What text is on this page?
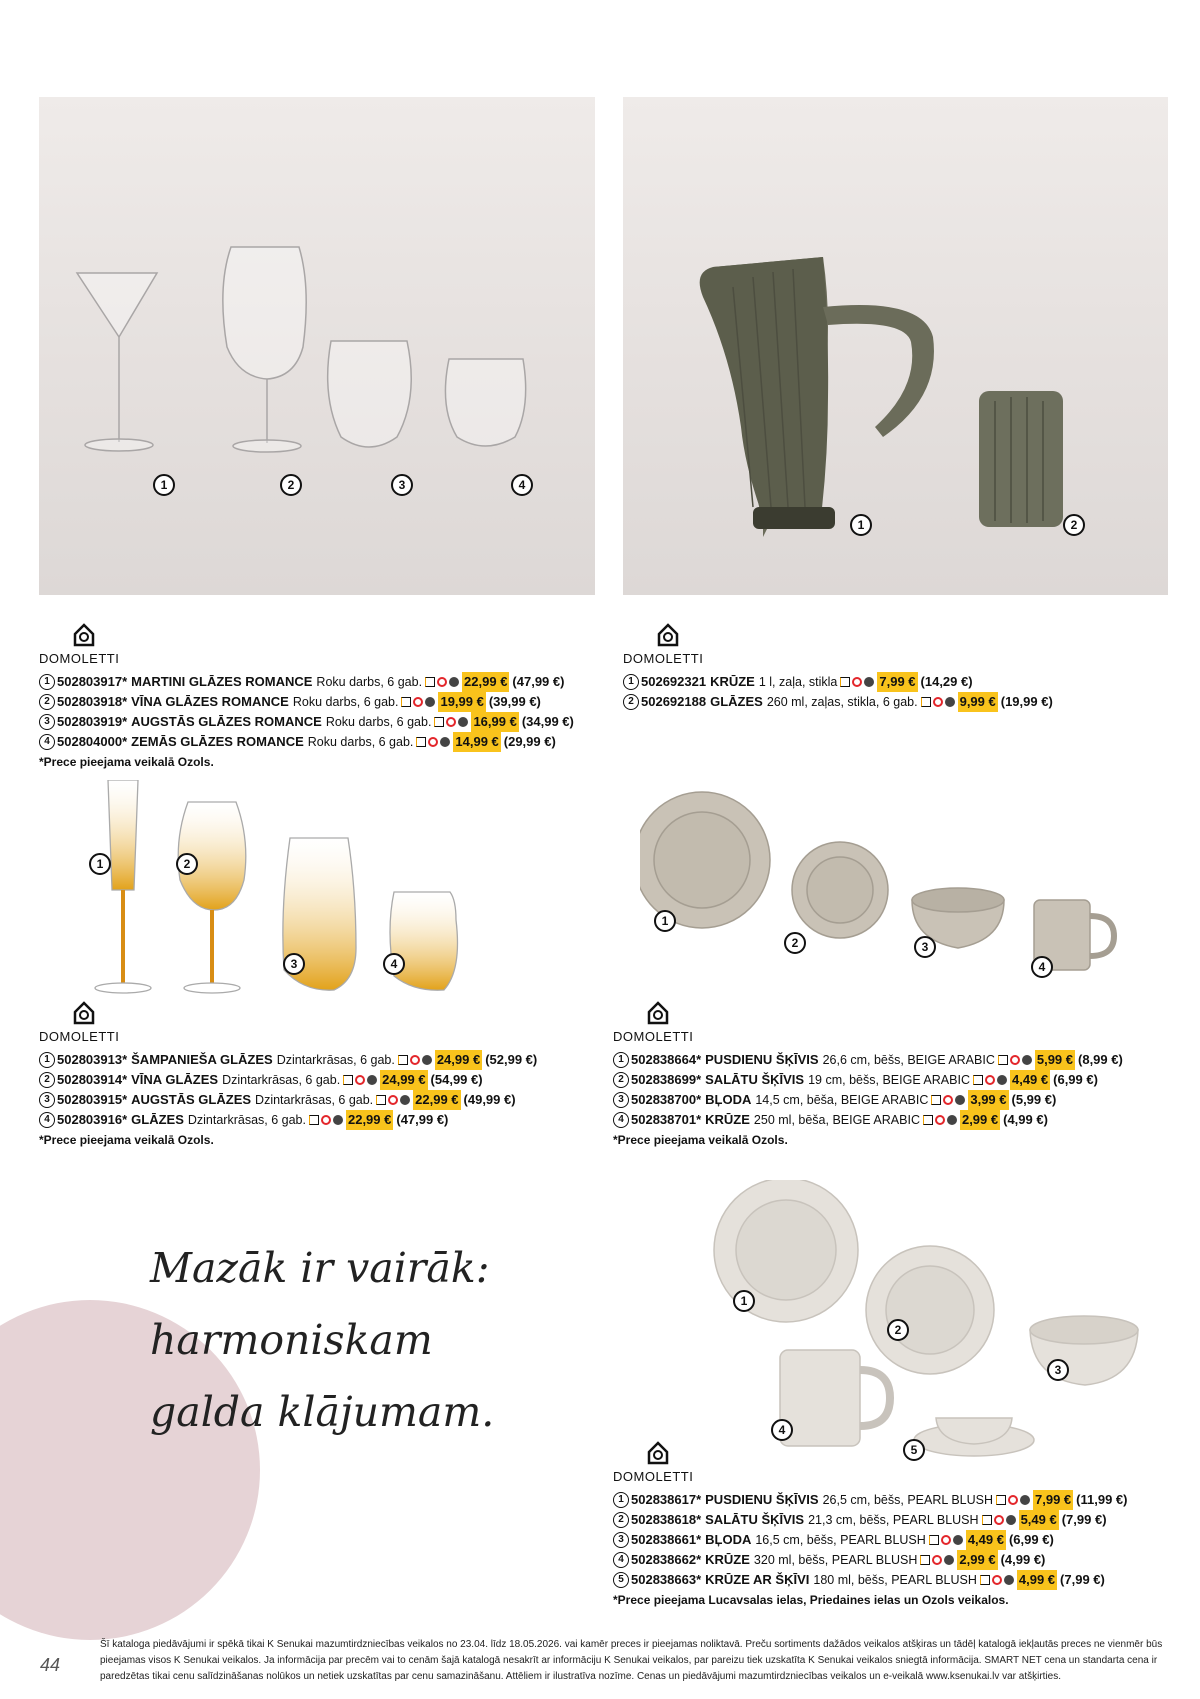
1	2	3	4
1	2
DOMOLETTI
1 502803917* MARTINI GLĀZES ROMANCE Roku darbs, 6 gab.	22,99 € (47,99 €)
2 502803918* VĪNA GLĀZES ROMANCE Roku darbs, 6 gab.	19,99 € (39,99 €)
3 502803919* AUGSTĀS GLĀZES ROMANCE Roku darbs, 6 gab.	16,99 € (34,99 €)
4 502804000* ZEMĀS GLĀZES ROMANCE Roku darbs, 6 gab.	14,99 € (29,99 €)
*Prece pieejama veikalā Ozols.
DOMOLETTI
1 502692321 KRŪZE 1 l, zaļa, stikla	7,99 € (14,29 €)
2 502692188 GLĀZES 260 ml, zaļas, stikla, 6 gab.	9,99 € (19,99 €)
1	2
3	4
DOMOLETTI
1 502803913* ŠAMPANIEŠA GLĀZES Dzintarkrāsas, 6 gab.	24,99 € (52,99 €)
2 502803914* VĪNA GLĀZES Dzintarkrāsas, 6 gab.	24,99 € (54,99 €)
3 502803915* AUGSTĀS GLĀZES Dzintarkrāsas, 6 gab.	22,99 € (49,99 €)
4 502803916* GLĀZES Dzintarkrāsas, 6 gab.	22,99 € (47,99 €)
*Prece pieejama veikalā Ozols.
1
2	3
4
DOMOLETTI
1 502838664* PUSDIENU ŠĶĪVIS 26,6 cm, bēšs, BEIGE ARABIC	5,99 € (8,99 €)
2 502838699* SALĀTU ŠĶĪVIS 19 cm, bēšs, BEIGE ARABIC	4,49 € (6,99 €)
3 502838700* BĻODA 14,5 cm, bēša, BEIGE ARABIC	3,99 € (5,99 €)
4 502838701* KRŪZE 250 ml, bēša, BEIGE ARABIC	2,99 € (4,99 €)
*Prece pieejama veikalā Ozols.
Mazāk ir vairāk:
harmoniskam
galda klājumam.
1
2
3
4
5
DOMOLETTI
1 502838617* PUSDIENU ŠĶĪVIS 26,5 cm, bēšs, PEARL BLUSH	7,99 € (11,99 €)
2 502838618* SALĀTU ŠĶĪVIS 21,3 cm, bēšs, PEARL BLUSH	5,49 € (7,99 €)
3 502838661* BĻODA 16,5 cm, bēšs, PEARL BLUSH	4,49 € (6,99 €)
4 502838662* KRŪZE 320 ml, bēšs, PEARL BLUSH	2,99 € (4,99 €)
5 502838663* KRŪZE AR ŠĶĪVI 180 ml, bēšs, PEARL BLUSH	4,99 € (7,99 €)
*Prece pieejama Lucavsalas ielas, Priedaines ielas un Ozols veikalos.
44
Šī kataloga piedāvājumi ir spēkā tikai K Senukai mazumtirdzniecības veikalos no 23.04. līdz 18.05.2026. vai kamēr preces ir pieejamas noliktavā. Preču sortiments dažādos veikalos atšķiras un tādēļ katalogā iekļautās preces ne vienmēr būs pieejamas visos K Senukai veikalos. Ja informācija par precēm vai to cenām šajā katalogā nesakrīt ar informāciju K Senukai veikalos, par pareizu tiek uzskatīta K Senukai veikalos sniegtā informācija. SMART NET cena un standarta cena ir paredzētas tikai cenu salīdzināšanas nolūkos un netiek uzskatītas par cenu samazināšanu. Attēliem ir ilustratīva nozīme. Cenas un piedāvājumi mazumtirdzniecības veikalos un e-veikalā www.ksenukai.lv var atšķirties.
